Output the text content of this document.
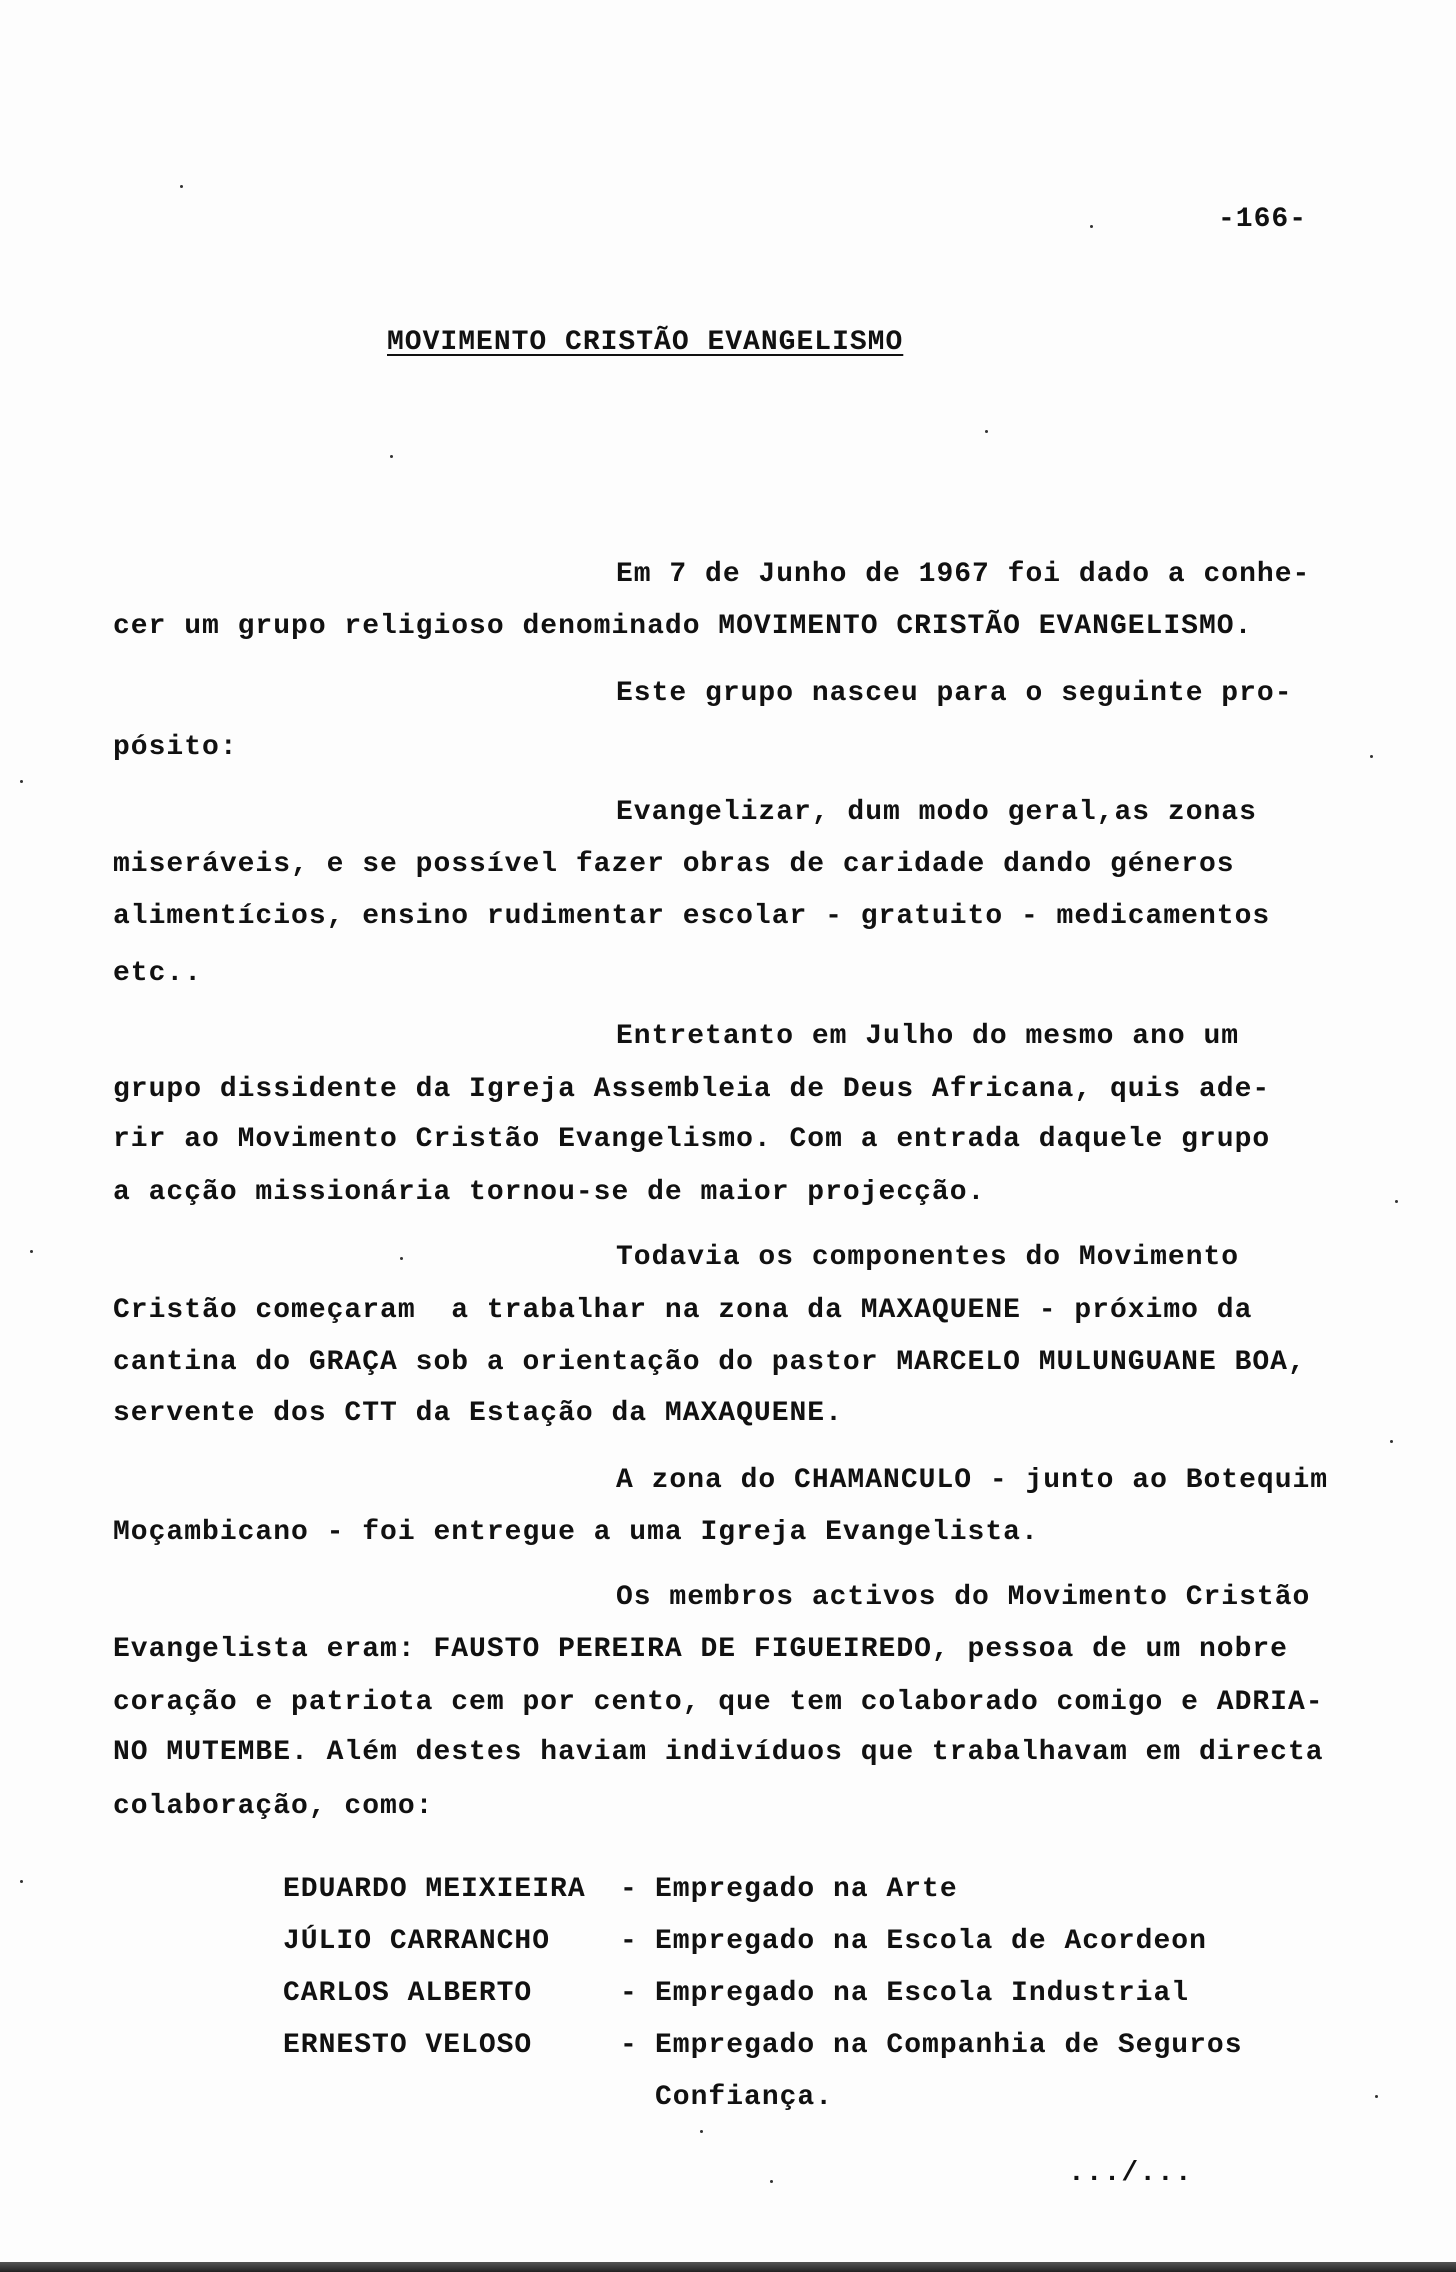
-166-
MOVIMENTO CRISTÃO EVANGELISMO
Em 7 de Junho de 1967 foi dado a conhe-
cer um grupo religioso denominado MOVIMENTO CRISTÃO EVANGELISMO.
Este grupo nasceu para o seguinte pro-
pósito:
Evangelizar, dum modo geral,as zonas
miseráveis, e se possível fazer obras de caridade dando géneros
alimentícios, ensino rudimentar escolar - gratuito - medicamentos
etc..
Entretanto em Julho do mesmo ano um
grupo dissidente da Igreja Assembleia de Deus Africana, quis ade-
rir ao Movimento Cristão Evangelismo. Com a entrada daquele grupo
a acção missionária tornou-se de maior projecção.
Todavia os componentes do Movimento
Cristão começaram  a trabalhar na zona da MAXAQUENE - próximo da
cantina do GRAÇA sob a orientação do pastor MARCELO MULUNGUANE BOA,
servente dos CTT da Estação da MAXAQUENE.
A zona do CHAMANCULO - junto ao Botequim
Moçambicano - foi entregue a uma Igreja Evangelista.
Os membros activos do Movimento Cristão
Evangelista eram: FAUSTO PEREIRA DE FIGUEIREDO, pessoa de um nobre
coração e patriota cem por cento, que tem colaborado comigo e ADRIA-
NO MUTEMBE. Além destes haviam indivíduos que trabalhavam em directa
colaboração, como:
EDUARDO MEIXIEIRA - Empregado na Arte
JÚLIO CARRANCHO - Empregado na Escola de Acordeon
CARLOS ALBERTO	- Empregado na Escola Industrial
ERNESTO VELOSO	- Empregado na Companhia de Seguros
Confiança.
.../...
